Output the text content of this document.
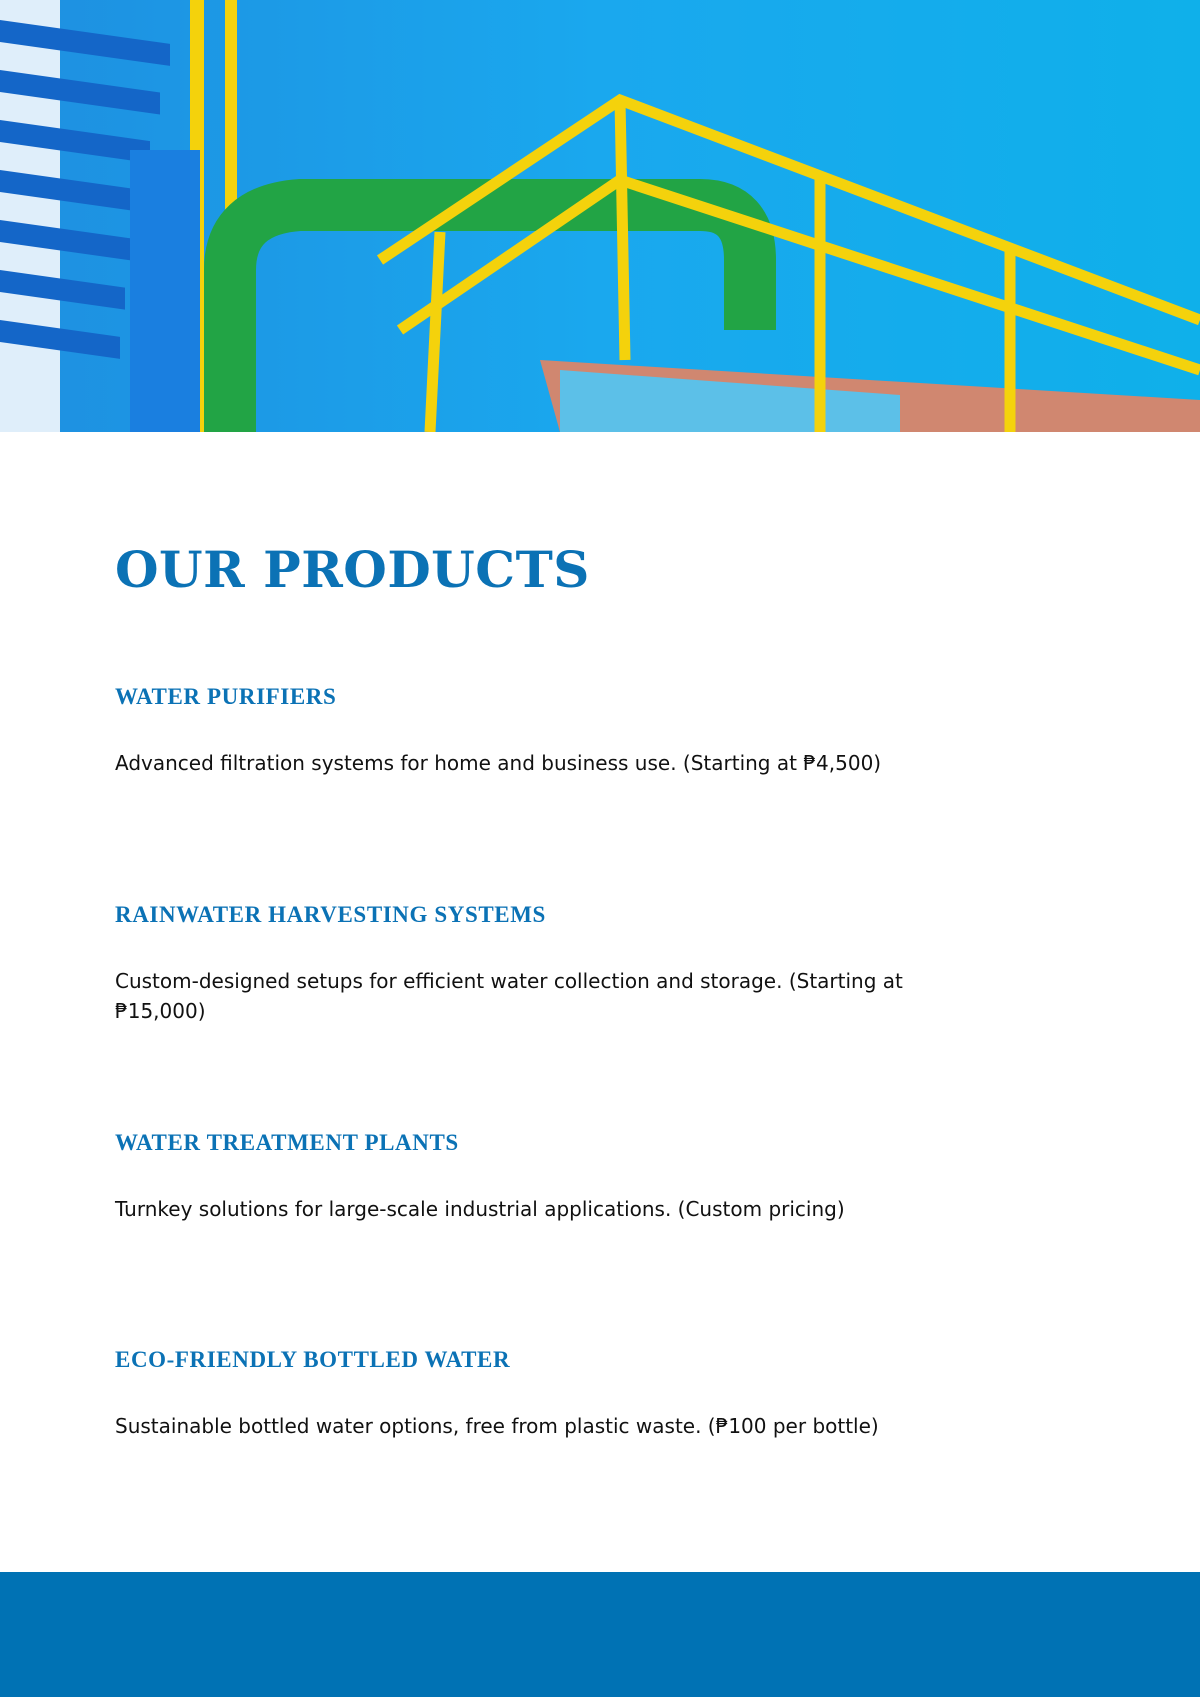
OUR PRODUCTS
WATER PURIFIERS

Advanced filtration systems for home and business use. (Starting at ₱4,500)

RAINWATER HARVESTING SYSTEMS

Custom-designed setups for efficient water collection and storage. (Starting at ₱15,000)

WATER TREATMENT PLANTS

Turnkey solutions for large-scale industrial applications. (Custom pricing)

ECO-FRIENDLY BOTTLED WATER

Sustainable bottled water options, free from plastic waste. (₱100 per bottle)
